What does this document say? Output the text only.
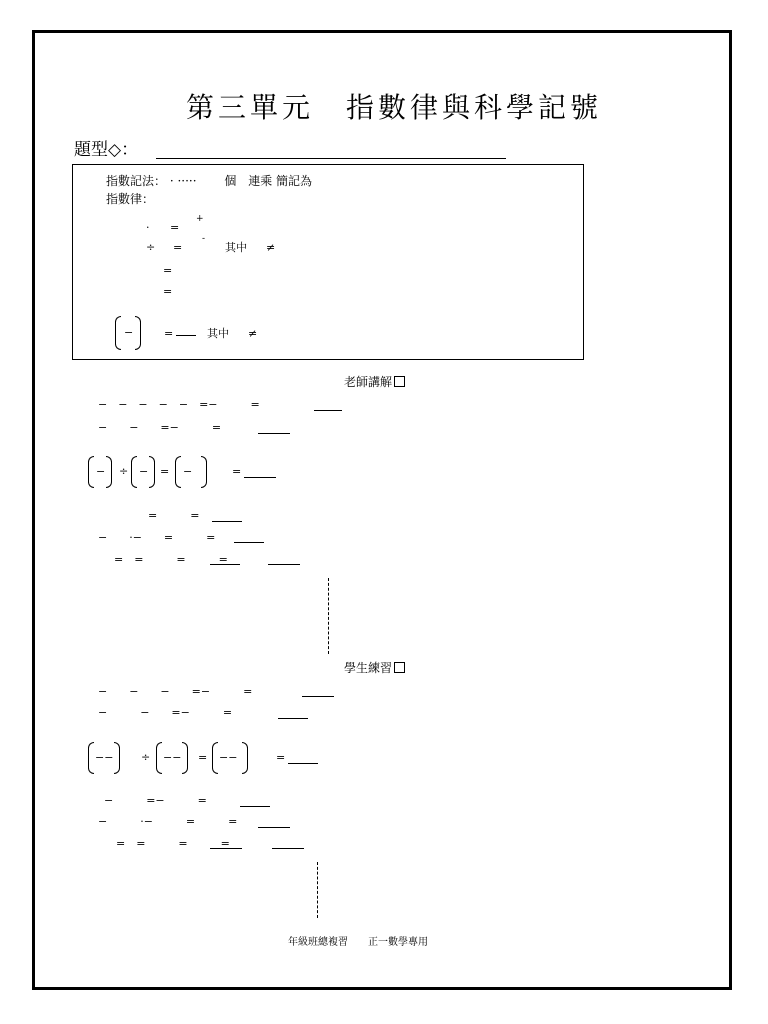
第三單元　指數律與科學記號
題型◇：
指數記法： · ····· 個 連乘 簡記為
指數律：
· =
+
÷ =
-
其中 ≠
=
=
−	=	其中 ≠
老師講解
−　−　−　−　−　=−　　　=
−　　−　　=−　　　=
− ÷ − = −	=
=　　　=
−　　·−　　=　　　=
=　=　　　=　　　=
學生練習
−　　−　　−　　=−　　　=
−　　　−　　=−　　　=
−−	÷ −− = −−	=
−　　　=−　　　=
−　　　·−　　　=　　　=
=　=　　　=　　　=
年級班總複習　　正一數學專用
